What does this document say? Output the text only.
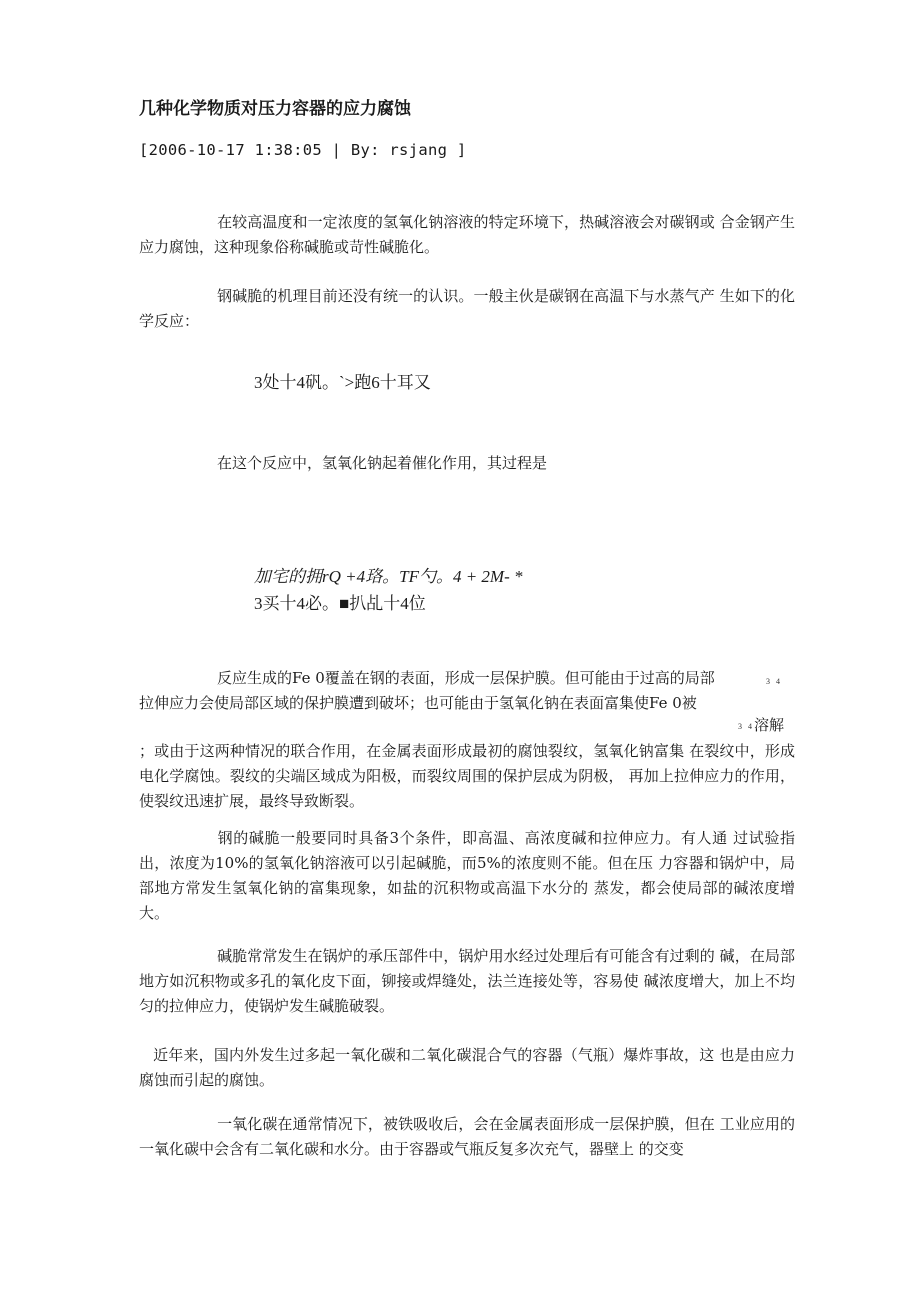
几种化学物质对压力容器的应力腐蚀
[2006-10-17 1:38:05 | By: rsjang ]

在较高温度和一定浓度的氢氧化钠溶液的特定环境下，热碱溶液会对碳钢或 合金钢产生应力腐蚀，这种现象俗称碱脆或苛性碱脆化。

钢碱脆的机理目前还没有统一的认识。一般主伙是碳钢在高温下与水蒸气产 生如下的化学反应：

3处十4矾。`>跑6十耳又

在这个反应中，氢氧化钠起着催化作用，其过程是

加宅的拥rQ +4珞。TF勺。4 + 2M- *
3买十4必。■扒乩十4位

反应生成的Fe 0覆盖在钢的表面，形成一层保护膜。但可能由于过高的局部	3 4

拉伸应力会使局部区域的保护膜遭到破坏；也可能由于氢氧化钠在表面富集使Fe 0被

3 4 溶解

；或由于这两种情况的联合作用，在金属表面形成最初的腐蚀裂纹，氢氧化钠富集 在裂纹中，形成电化学腐蚀。裂纹的尖端区域成为阳极，而裂纹周围的保护层成为阴极， 再加上拉伸应力的作用，使裂纹迅速扩展，最终导致断裂。

钢的碱脆一般要同时具备3个条件，即高温、高浓度碱和拉伸应力。有人通 过试验指出，浓度为10%的氢氧化钠溶液可以引起碱脆，而5%的浓度则不能。但在压 力容器和锅炉中，局部地方常发生氢氧化钠的富集现象，如盐的沉积物或高温下水分的 蒸发，都会使局部的碱浓度增大。

碱脆常常发生在锅炉的承压部件中，锅炉用水经过处理后有可能含有过剩的 碱，在局部地方如沉积物或多孔的氧化皮下面，铆接或焊缝处，法兰连接处等，容易使 碱浓度增大，加上不均匀的拉伸应力，使锅炉发生碱脆破裂。

近年来，国内外发生过多起一氧化碳和二氧化碳混合气的容器（气瓶）爆炸事故，这 也是由应力腐蚀而引起的腐蚀。

一氧化碳在通常情况下，被铁吸收后，会在金属表面形成一层保护膜，但在 工业应用的一氧化碳中会含有二氧化碳和水分。由于容器或气瓶反复多次充气，器壁上 的交变
